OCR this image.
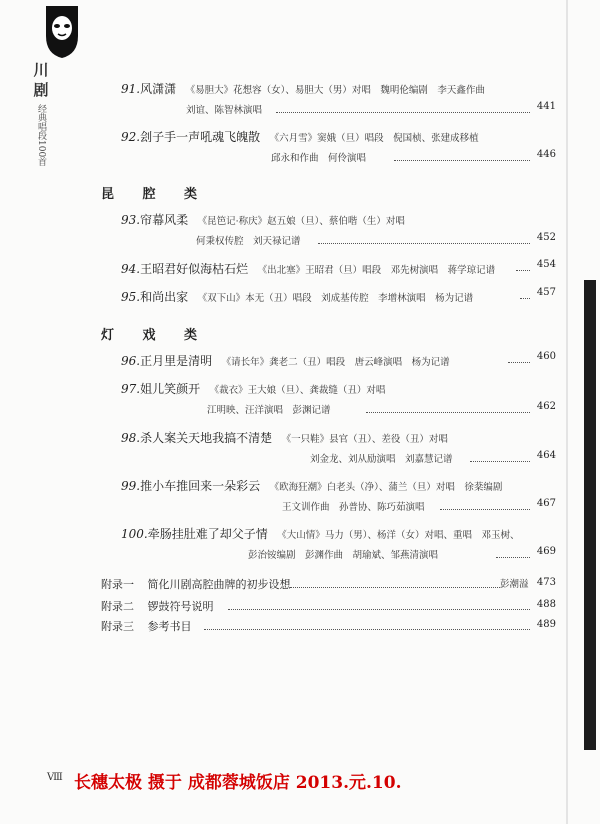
川 剧
经典唱段100首
91.风潇潇 《易胆大》花想容（女）、易胆大（男）对唱　魏明伦编剧　李天鑫作曲
刘谊、陈智林演唱	441
92.刽子手一声吼魂飞魄散 《六月雪》窦娥（旦）唱段　倪国桢、张建成移植
邱永和作曲　何伶演唱	446
昆 腔 类
93.帘幕风柔 《昆笆记·称庆》赵五娘（旦）、蔡伯喈（生）对唱
何秉权传腔　刘天禄记谱	452
94.王昭君好似海枯石烂 《出北塞》王昭君（旦）唱段　邓先树演唱　蒋学琼记谱
454
95.和尚出家 《双下山》本无（丑）唱段　刘成基传腔　李增林演唱　杨为记谱
457
灯 戏 类
96.正月里是清明 《请长年》龚老二（丑）唱段　唐云峰演唱　杨为记谱
460
97.姐儿笑颜开 《裁衣》王大娘（旦）、龚裁缝（丑）对唱
江明映、汪洋演唱　彭渊记谱	462
98.杀人案关天地我搞不清楚 《一只鞋》县官（丑）、差役（丑）对唱
刘金龙、刘从励演唱　刘嘉慧记谱	464
99.推小车推回来一朵彩云 《欧海狂潮》白老头（净）、蒲兰（旦）对唱　徐棻编剧
王文训作曲　孙普协、陈巧茹演唱	467
100.牵肠挂肚难了却父子情 《大山情》马力（男）、杨洋（女）对唱、重唱　邓玉树、
彭治铵编剧　彭渊作曲　胡瑜斌、邹燕清演唱	469
附录一 简化川剧高腔曲牌的初步设想	彭潮溢 473
附录二 锣鼓符号说明	488
附录三 参考书目	489
Ⅷ 长穗太极 摄于 成都蓉城饭店 2013.元.10.
